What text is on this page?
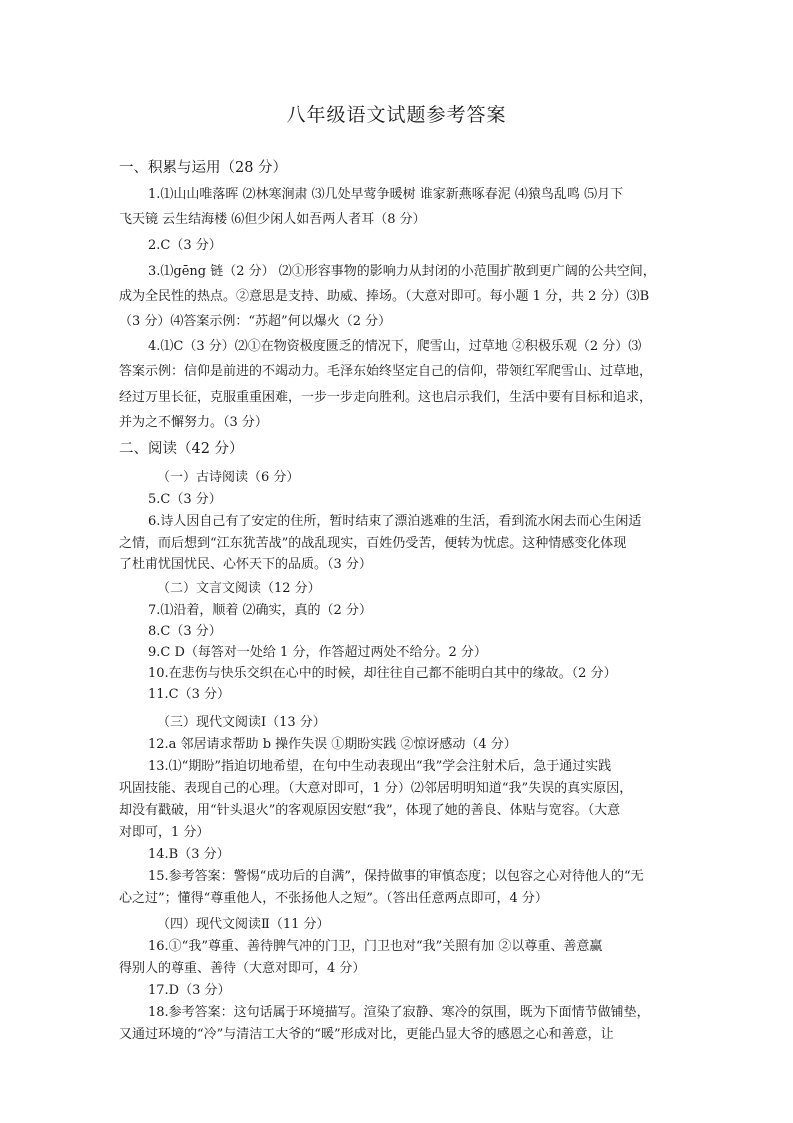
八年级语文试题参考答案
一、积累与运用（28 分）
1.⑴山山唯落晖 ⑵林寒涧肃 ⑶几处早莺争暖树 谁家新燕啄春泥 ⑷猿鸟乱鸣 ⑸月下
飞天镜 云生结海楼 ⑹但少闲人如吾两人者耳（8 分）
2.C（3 分）
3.⑴gēng 链（2 分） ⑵①形容事物的影响力从封闭的小范围扩散到更广阔的公共空间，
成为全民性的热点。②意思是支持、助威、捧场。（大意对即可。每小题 1 分，共 2 分）⑶B
（3 分）⑷答案示例：“苏超”何以爆火（2 分）
4.⑴C（3 分）⑵①在物资极度匮乏的情况下，爬雪山，过草地 ②积极乐观（2 分）⑶
答案示例：信仰是前进的不竭动力。毛泽东始终坚定自己的信仰，带领红军爬雪山、过草地，
经过万里长征，克服重重困难，一步一步走向胜利。这也启示我们，生活中要有目标和追求，
并为之不懈努力。（3 分）
二、阅读（42 分）
（一）古诗阅读（6 分）
5.C（3 分）
6.诗人因自己有了安定的住所，暂时结束了漂泊逃难的生活，看到流水闲去而心生闲适
之情，而后想到“江东犹苦战”的战乱现实，百姓仍受苦，便转为忧虑。这种情感变化体现
了杜甫忧国忧民、心怀天下的品质。（3 分）
（二）文言文阅读（12 分）
7.⑴沿着，顺着 ⑵确实，真的（2 分）
8.C（3 分）
9.C D（每答对一处给 1 分，作答超过两处不给分。2 分）
10.在悲伤与快乐交织在心中的时候，却往往自己都不能明白其中的缘故。（2 分）
11.C（3 分）
（三）现代文阅读Ⅰ（13 分）
12.a 邻居请求帮助 b 操作失误 ①期盼实践 ②惊讶感动（4 分）
13.⑴“期盼”指迫切地希望，在句中生动表现出“我”学会注射术后，急于通过实践
巩固技能、表现自己的心理。（大意对即可，1 分）⑵邻居明明知道“我”失误的真实原因，
却没有戳破，用“针头退火”的客观原因安慰“我”，体现了她的善良、体贴与宽容。（大意
对即可，1 分）
14.B（3 分）
15.参考答案：警惕“成功后的自满”，保持做事的审慎态度；以包容之心对待他人的“无
心之过”；懂得“尊重他人，不张扬他人之短”。（答出任意两点即可，4 分）
（四）现代文阅读Ⅱ（11 分）
16.①“我”尊重、善待脾气冲的门卫，门卫也对“我”关照有加 ②以尊重、善意赢
得别人的尊重、善待（大意对即可，4 分）
17.D（3 分）
18.参考答案：这句话属于环境描写。渲染了寂静、寒冷的氛围，既为下面情节做铺垫，
又通过环境的“冷”与清洁工大爷的“暖”形成对比，更能凸显大爷的感恩之心和善意，让
